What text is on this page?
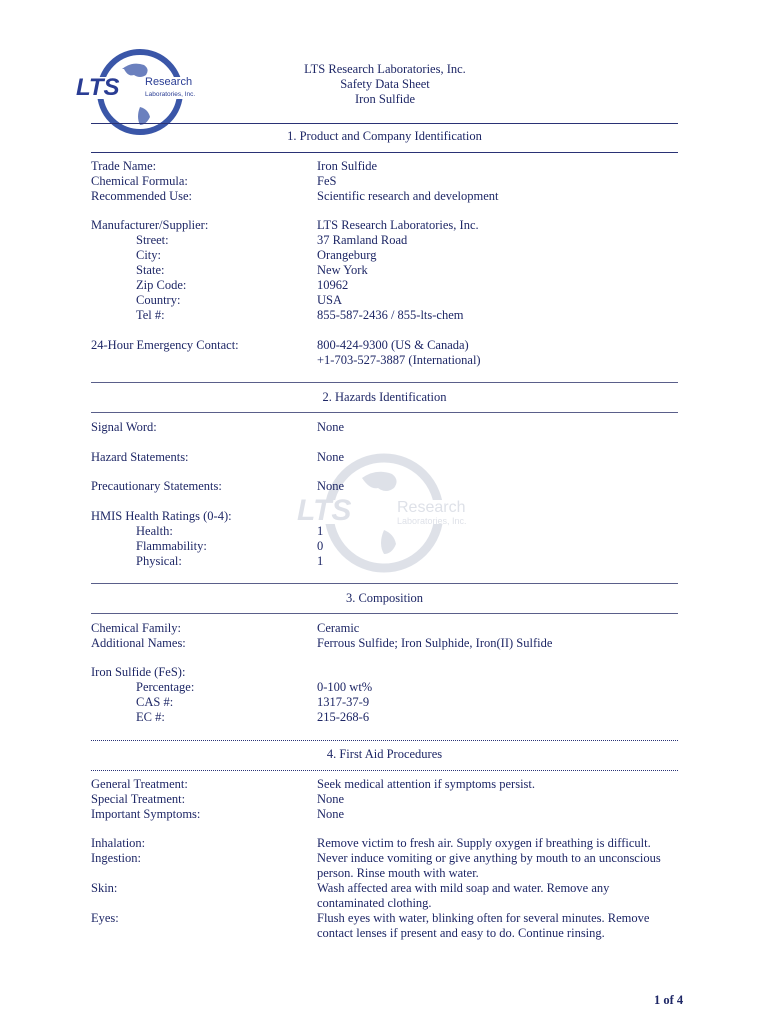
LTS Research
Laboratories, Inc.
LTS	Research
Laboratories, Inc.
LTS Research Laboratories, Inc.
Safety Data Sheet
Iron Sulfide
1. Product and Company Identification
Trade Name:	Iron Sulfide
Chemical Formula:	FeS
Recommended Use:	Scientific research and development
Manufacturer/Supplier:	LTS Research Laboratories, Inc.
Street:	37 Ramland Road
City:	Orangeburg
State:	New York
Zip Code:	10962
Country:	USA
Tel #:	855-587-2436 / 855-lts-chem
24-Hour Emergency Contact:	800-424-9300 (US & Canada)
+1-703-527-3887 (International)
2. Hazards Identification
Signal Word:	None
Hazard Statements:	None
Precautionary Statements:	None
HMIS Health Ratings (0-4):
Health:	1
Flammability:	0
Physical:	1
3. Composition
Chemical Family:	Ceramic
Additional Names:	Ferrous Sulfide; Iron Sulphide, Iron(II) Sulfide
Iron Sulfide (FeS):
Percentage:	0-100 wt%
CAS #:	1317-37-9
EC #:	215-268-6
4. First Aid Procedures
General Treatment:	Seek medical attention if symptoms persist.
Special Treatment:	None
Important Symptoms:	None
Inhalation:	Remove victim to fresh air. Supply oxygen if breathing is difficult.
Ingestion:	Never induce vomiting or give anything by mouth to an unconscious
person. Rinse mouth with water.
Skin:	Wash affected area with mild soap and water. Remove any
contaminated clothing.
Eyes:	Flush eyes with water, blinking often for several minutes. Remove
contact lenses if present and easy to do. Continue rinsing.
1 of 4
